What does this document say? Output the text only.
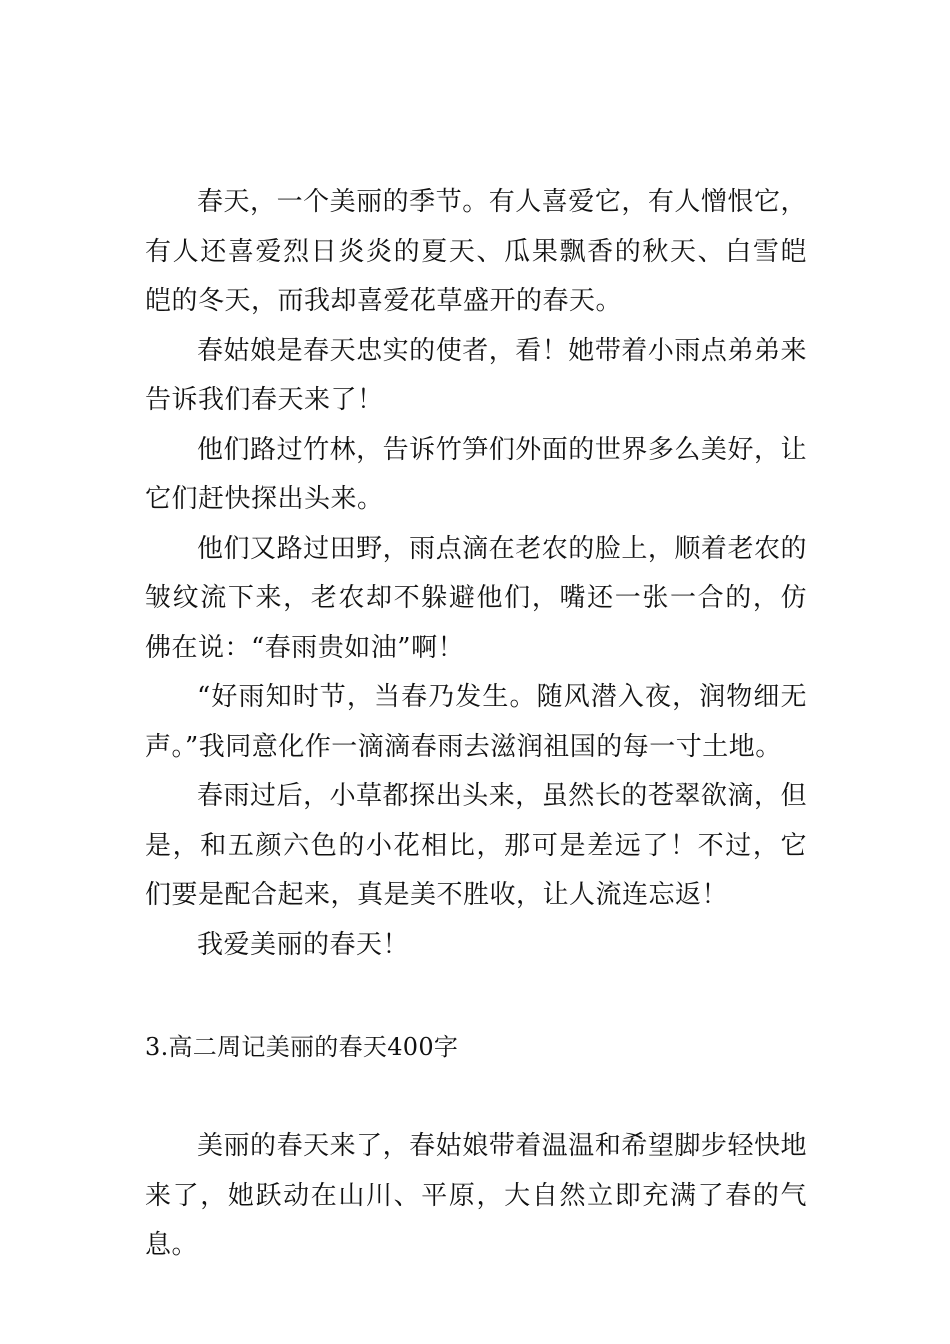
春天，一个美丽的季节。有人喜爱它，有人憎恨它，有人还喜爱烈日炎炎的夏天、瓜果飘香的秋天、白雪皑皑的冬天，而我却喜爱花草盛开的春天。

春姑娘是春天忠实的使者，看！她带着小雨点弟弟来告诉我们春天来了！

他们路过竹林，告诉竹笋们外面的世界多么美好，让它们赶快探出头来。

他们又路过田野，雨点滴在老农的脸上，顺着老农的皱纹流下来，老农却不躲避他们，嘴还一张一合的，仿佛在说：“春雨贵如油”啊！

“好雨知时节，当春乃发生。随风潜入夜，润物细无声。”我同意化作一滴滴春雨去滋润祖国的每一寸土地。

春雨过后，小草都探出头来，虽然长的苍翠欲滴，但是，和五颜六色的小花相比，那可是差远了！不过，它们要是配合起来，真是美不胜收，让人流连忘返！

我爱美丽的春天！

3.高二周记美丽的春天400字

美丽的春天来了，春姑娘带着温温和希望脚步轻快地来了，她跃动在山川、平原，大自然立即充满了春的气息。
